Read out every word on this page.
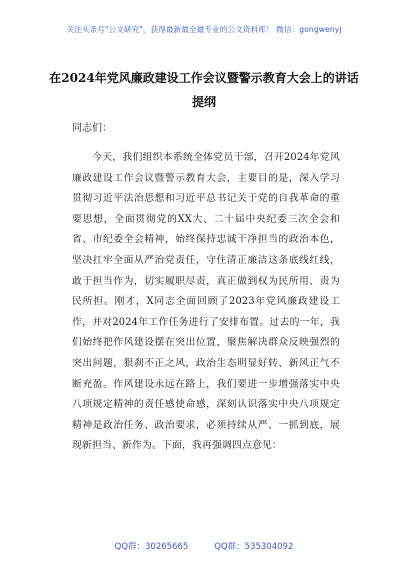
关注头条号"公文研究"，获得最新最全最专业的公文资料库！ 微信：gongwenyj
在2024年党风廉政建设工作会议暨警示教育大会上的讲话提纲
同志们：
今天，我们组织本系统全体党员干部，召开2024年党风廉政建设工作会议暨警示教育大会，主要目的是，深入学习贯彻习近平法治思想和习近平总书记关于党的自我革命的重要思想，全面贯彻党的XX大、二十届中央纪委三次全会和省、市纪委全会精神，始终保持忠诚干净担当的政治本色，坚决扛牢全面从严治党责任，守住清正廉洁这条底线红线，敢于担当作为，切实履职尽责，真正做到权为民所用、责为民所担。刚才，X同志全面回顾了2023年党风廉政建设工作，并对2024年工作任务进行了安排布置。过去的一年，我们始终把作风建设摆在突出位置，聚焦解决群众反映强烈的突出问题，狠刹不正之风，政治生态明显好转、新风正气不断充盈。作风建设永远在路上，我们要进一步增强落实中央八项规定精神的责任感使命感，深刻认识落实中央八项规定精神是政治任务、政治要求，必须持续从严、一抓到底，展现新担当、新作为。下面，我再强调四点意见：
QQ群：30265665	QQ群：535304092
